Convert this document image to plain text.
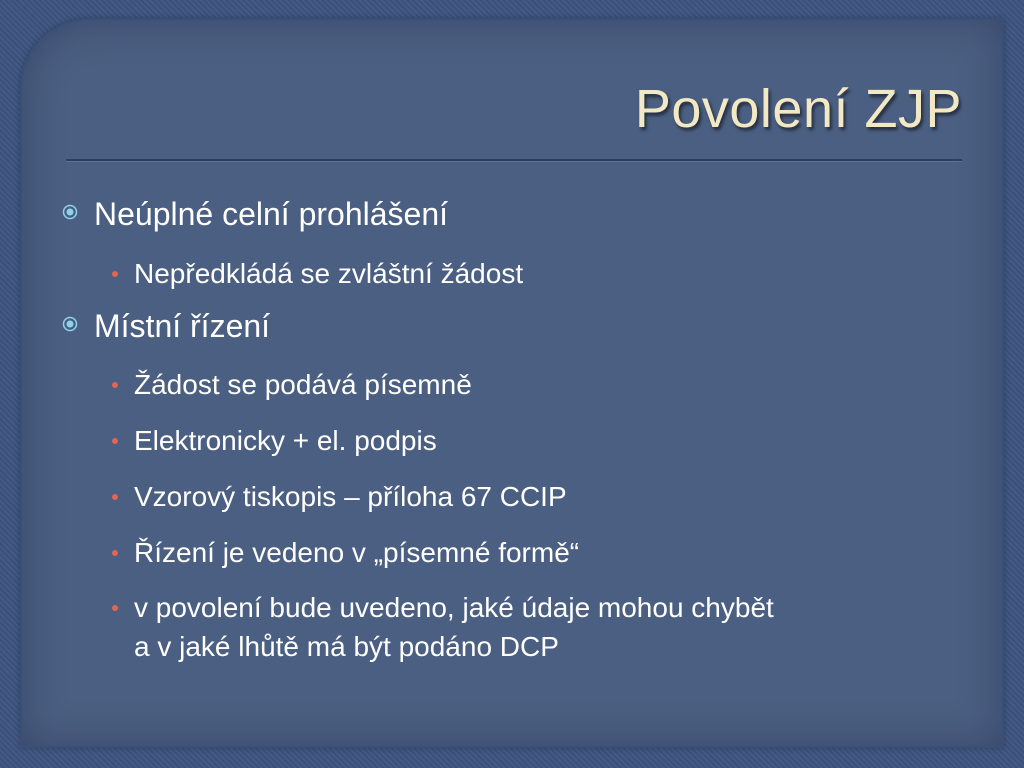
Povolení ZJP
Neúplné celní prohlášení
Nepředkládá se zvláštní žádost
Místní řízení
Žádost se podává písemně
Elektronicky + el. podpis
Vzorový tiskopis – příloha 67 CCIP
Řízení je vedeno v „písemné formě“
v povolení bude uvedeno, jaké údaje mohou chybět
a v jaké lhůtě má být podáno DCP
